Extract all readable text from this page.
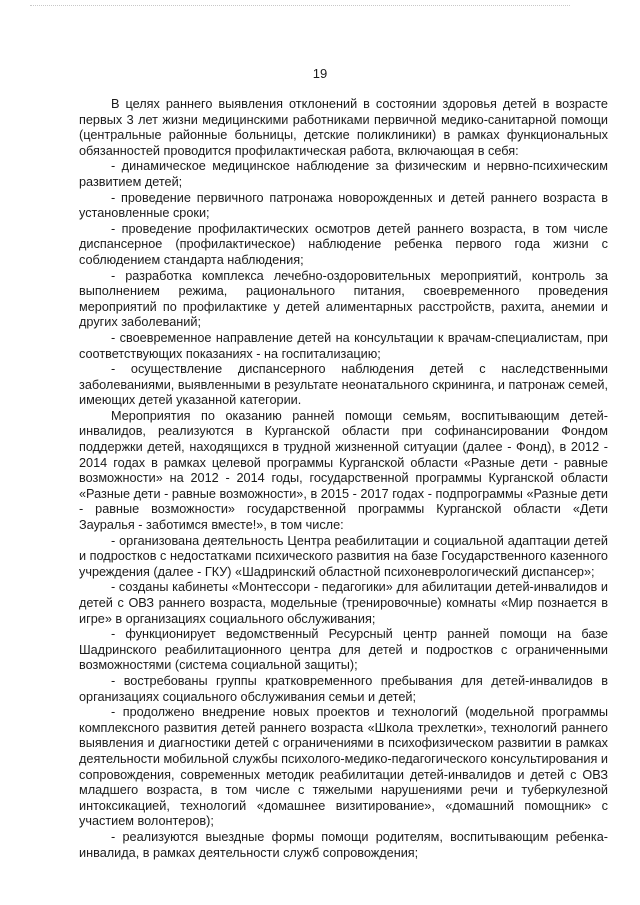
19

В целях раннего выявления отклонений в состоянии здоровья детей в возрасте первых 3 лет жизни медицинскими работниками первичной медико-санитарной помощи (центральные районные больницы, детские поликлиники) в рамках функциональных обязанностей проводится профилактическая работа, включающая в себя:

- динамическое медицинское наблюдение за физическим и нервно-психическим развитием детей;

- проведение первичного патронажа новорожденных и детей раннего возраста в установленные сроки;

- проведение профилактических осмотров детей раннего возраста, в том числе диспансерное (профилактическое) наблюдение ребенка первого года жизни с соблюдением стандарта наблюдения;

- разработка комплекса лечебно-оздоровительных мероприятий, контроль за выполнением режима, рационального питания, своевременного проведения мероприятий по профилактике у детей алиментарных расстройств, рахита, анемии и других заболеваний;

- своевременное направление детей на консультации к врачам-специалистам, при соответствующих показаниях - на госпитализацию;

- осуществление диспансерного наблюдения детей с наследственными заболеваниями, выявленными в результате неонатального скрининга, и патронаж семей, имеющих детей указанной категории.

Мероприятия по оказанию ранней помощи семьям, воспитывающим детей-инвалидов, реализуются в Курганской области при софинансировании Фондом поддержки детей, находящихся в трудной жизненной ситуации (далее - Фонд), в 2012 - 2014 годах в рамках целевой программы Курганской области «Разные дети - равные возможности» на 2012 - 2014 годы, государственной программы Курганской области «Разные дети - равные возможности», в 2015 - 2017 годах - подпрограммы «Разные дети - равные возможности» государственной программы Курганской области «Дети Зауралья - заботимся вместе!», в том числе:

- организована деятельность Центра реабилитации и социальной адаптации детей и подростков с недостатками психического развития на базе Государственного казенного учреждения (далее - ГКУ) «Шадринский областной психоневрологический диспансер»;

- созданы кабинеты «Монтессори - педагогики» для абилитации детей-инвалидов и детей с ОВЗ раннего возраста, модельные (тренировочные) комнаты «Мир познается в игре» в организациях социального обслуживания;

- функционирует ведомственный Ресурсный центр ранней помощи на базе Шадринского реабилитационного центра для детей и подростков с ограниченными возможностями (система социальной защиты);

- востребованы группы кратковременного пребывания для детей-инвалидов в организациях социального обслуживания семьи и детей;

- продолжено внедрение новых проектов и технологий (модельной программы комплексного развития детей раннего возраста «Школа трехлетки», технологий раннего выявления и диагностики детей с ограничениями в психофизическом развитии в рамках деятельности мобильной службы психолого-медико-педагогического консультирования и сопровождения, современных методик реабилитации детей-инвалидов и детей с ОВЗ младшего возраста, в том числе с тяжелыми нарушениями речи и туберкулезной интоксикацией, технологий «домашнее визитирование», «домашний помощник» с участием волонтеров);

- реализуются выездные формы помощи родителям, воспитывающим ребенка-инвалида, в рамках деятельности служб сопровождения;
